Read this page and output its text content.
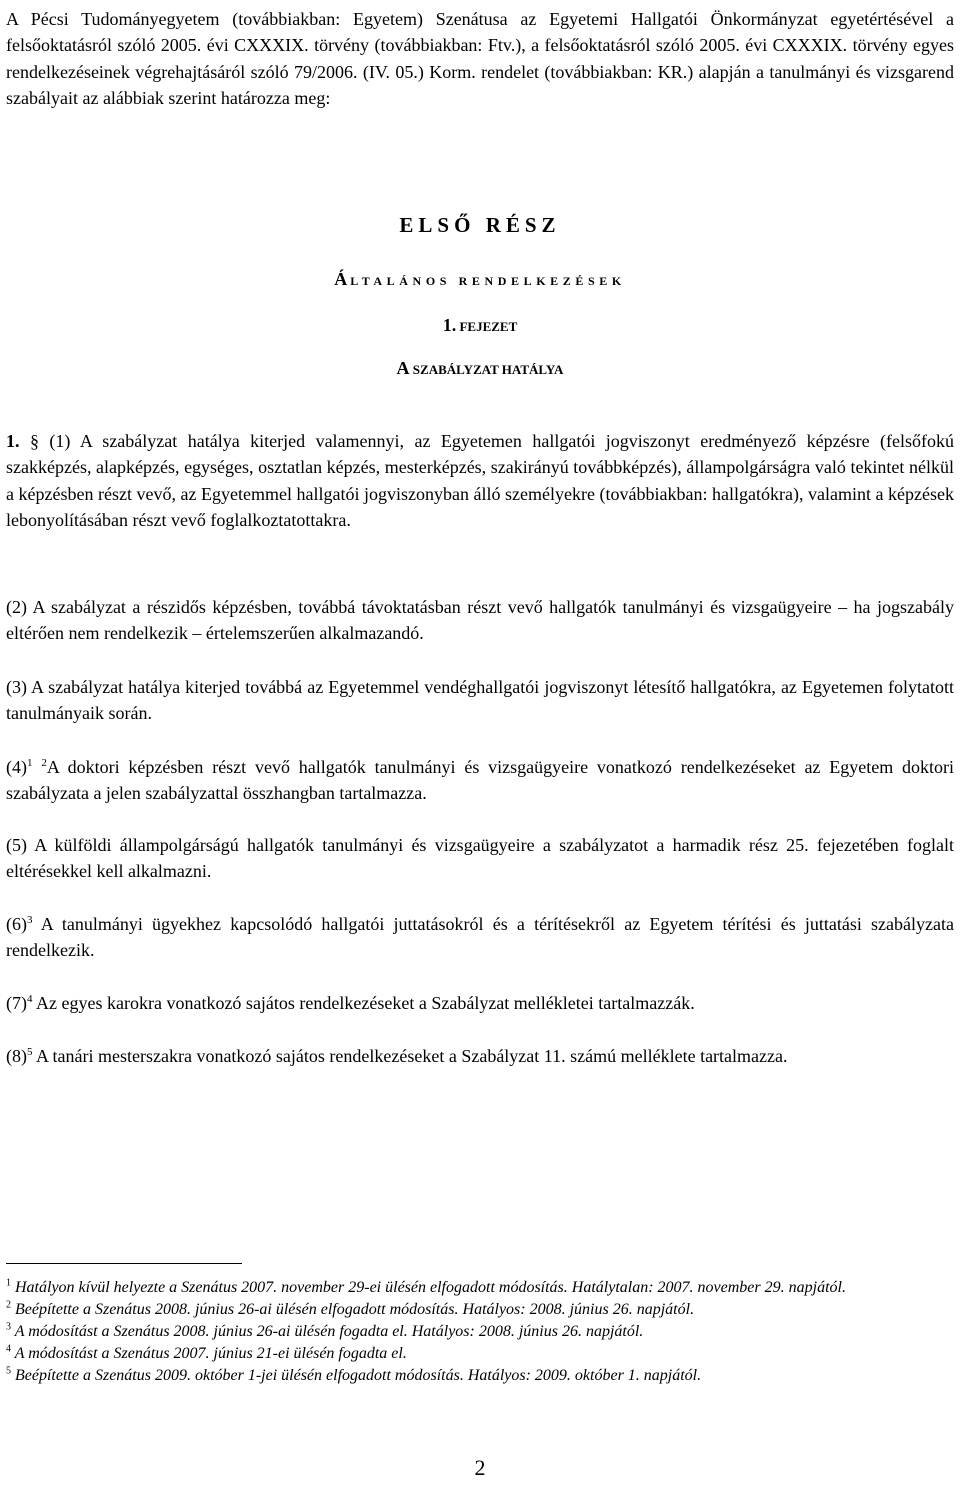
A Pécsi Tudományegyetem (továbbiakban: Egyetem) Szenátusa az Egyetemi Hallgatói Önkormányzat egyetértésével a felsőoktatásról szóló 2005. évi CXXXIX. törvény (továbbiakban: Ftv.), a felsőoktatásról szóló 2005. évi CXXXIX. törvény egyes rendelkezéseinek végrehajtásáról szóló 79/2006. (IV. 05.) Korm. rendelet (továbbiakban: KR.) alapján a tanulmányi és vizsgarend szabályait az alábbiak szerint határozza meg:

ELSŐ RÉSZ

ÁLTALÁNOS RENDELKEZÉSEK

1. FEJEZET

A SZABÁLYZAT HATÁLYA

1. § (1) A szabályzat hatálya kiterjed valamennyi, az Egyetemen hallgatói jogviszonyt eredményező képzésre (felsőfokú szakképzés, alapképzés, egységes, osztatlan képzés, mesterképzés, szakirányú továbbképzés), állampolgárságra való tekintet nélkül a képzésben részt vevő, az Egyetemmel hallgatói jogviszonyban álló személyekre (továbbiakban: hallgatókra), valamint a képzések lebonyolításában részt vevő foglalkoztatottakra.

(2) A szabályzat a részidős képzésben, továbbá távoktatásban részt vevő hallgatók tanulmányi és vizsgaügyeire – ha jogszabály eltérően nem rendelkezik – értelemszerűen alkalmazandó.

(3) A szabályzat hatálya kiterjed továbbá az Egyetemmel vendéghallgatói jogviszonyt létesítő hallgatókra, az Egyetemen folytatott tanulmányaik során.

$(4)^1$ $^2$A doktori képzésben részt vevő hallgatók tanulmányi és vizsgaügyeire vonatkozó rendelkezéseket az Egyetem doktori szabályzata a jelen szabályzattal összhangban tartalmazza.

(5) A külföldi állampolgárságú hallgatók tanulmányi és vizsgaügyeire a szabályzatot a harmadik rész 25. fejezetében foglalt eltérésekkel kell alkalmazni.

$(6)^3$ A tanulmányi ügyekhez kapcsolódó hallgatói juttatásokról és a térítésekről az Egyetem térítési és juttatási szabályzata rendelkezik.

$(7)^4$ Az egyes karokra vonatkozó sajátos rendelkezéseket a Szabályzat mellékletei tartalmazzák.

$(8)^5$ A tanári mesterszakra vonatkozó sajátos rendelkezéseket a Szabályzat 11. számú melléklete tartalmazza.

$^1$ Hatályon kívül helyezte a Szenátus 2007. november 29-ei ülésén elfogadott módosítás. Hatálytalan: 2007. november 29. napjától.

$^2$ Beépítette a Szenátus 2008. június 26-ai ülésén elfogadott módosítás. Hatályos: 2008. június 26. napjától.

$^3$ A módosítást a Szenátus 2008. június 26-ai ülésén fogadta el. Hatályos: 2008. június 26. napjától.

$^4$ A módosítást a Szenátus 2007. június 21-ei ülésén fogadta el.

$^5$ Beépítette a Szenátus 2009. október 1-jei ülésén elfogadott módosítás. Hatályos: 2009. október 1. napjától.

2
